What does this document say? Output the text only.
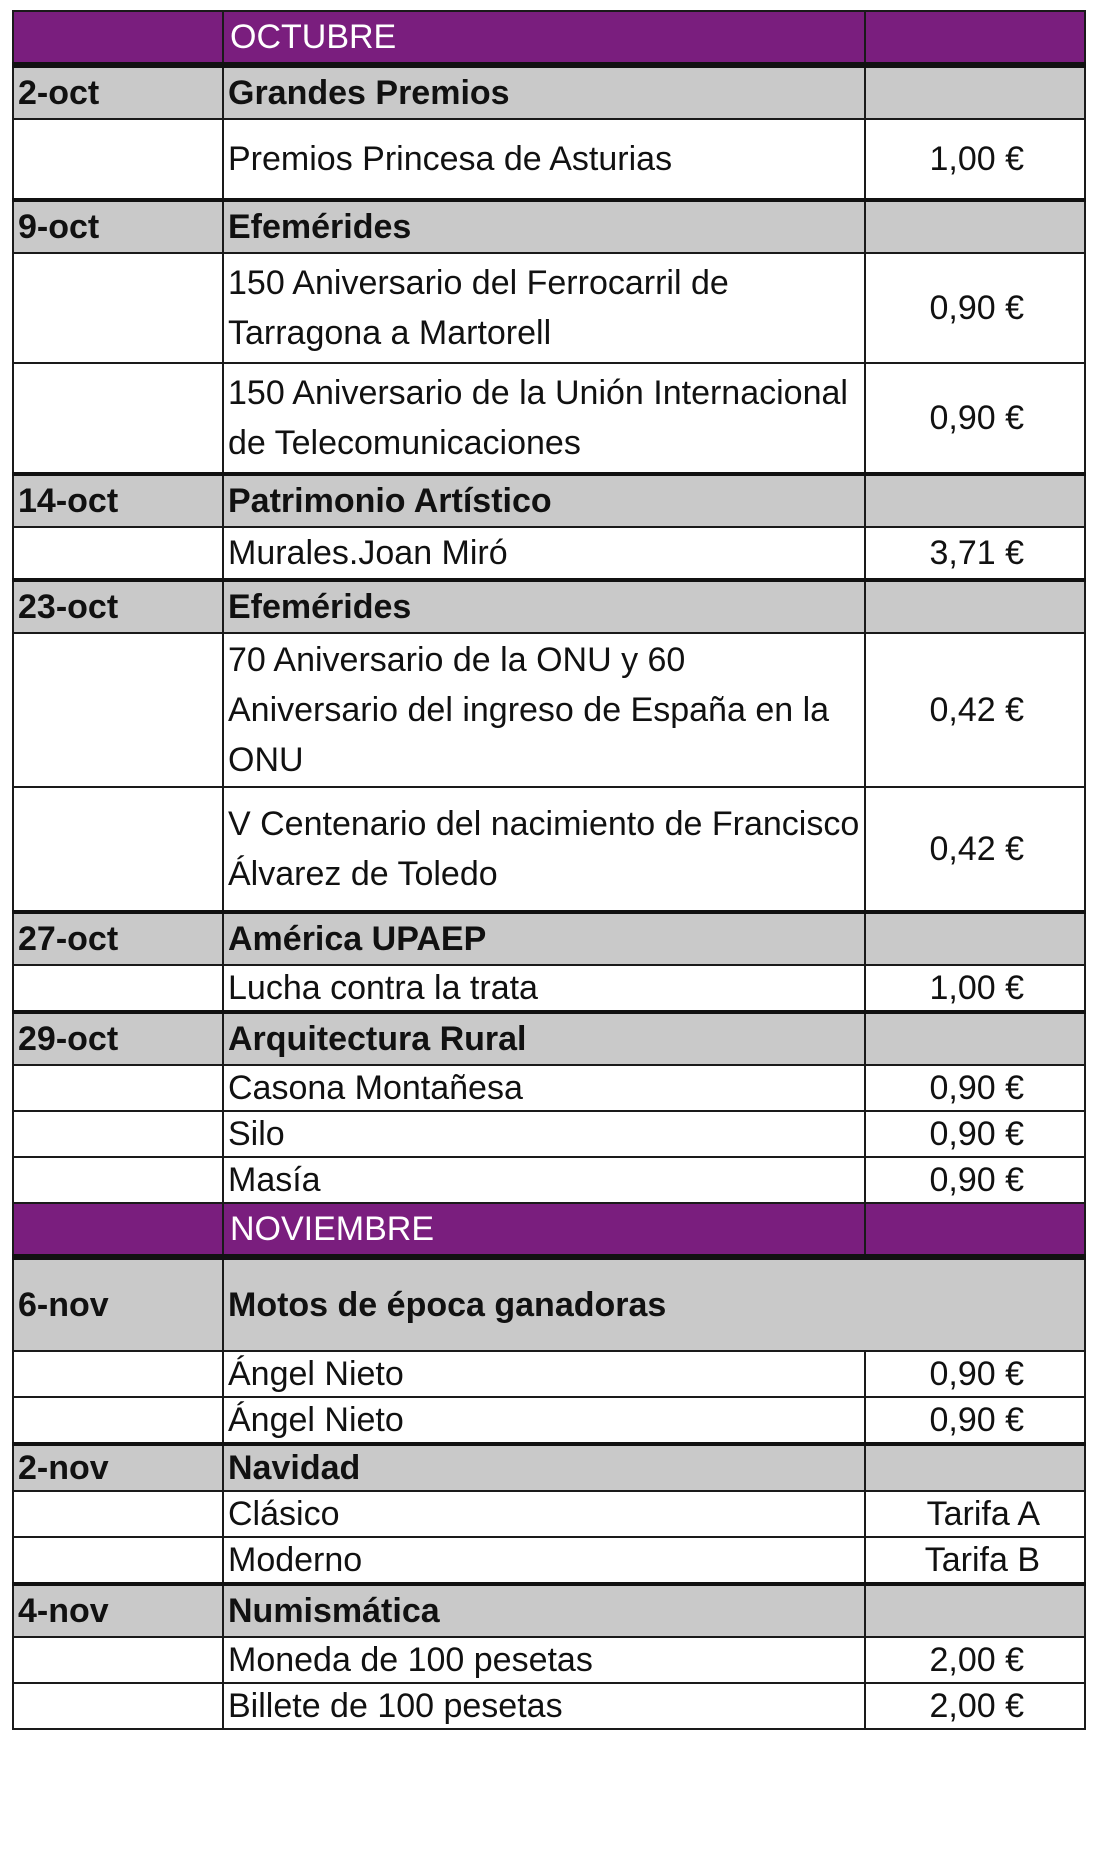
	OCTUBRE	
2-oct	Grandes Premios	
	Premios Princesa de Asturias	1,00 €
9-oct	Efemérides	
	150 Aniversario del Ferrocarril de Tarragona a Martorell	0,90 €
	150 Aniversario de la Unión Internacional de Telecomunicaciones	0,90 €
14-oct	Patrimonio Artístico	
	Murales.Joan Miró	3,71 €
23-oct	Efemérides	
	70 Aniversario de la ONU y 60 Aniversario del ingreso de España en la ONU	0,42 €
	V Centenario del nacimiento de Francisco Álvarez de Toledo	0,42 €
27-oct	América UPAEP	
	Lucha contra la trata	1,00 €
29-oct	Arquitectura Rural	
	Casona Montañesa	0,90 €
	Silo	0,90 €
	Masía	0,90 €
	NOVIEMBRE	
6-nov	Motos de época ganadoras	
	Ángel Nieto	0,90 €
	Ángel Nieto	0,90 €
2-nov	Navidad	
	Clásico	Tarifa A
	Moderno	Tarifa B
4-nov	Numismática	
	Moneda de 100 pesetas	2,00 €
	Billete de 100 pesetas	2,00 €
